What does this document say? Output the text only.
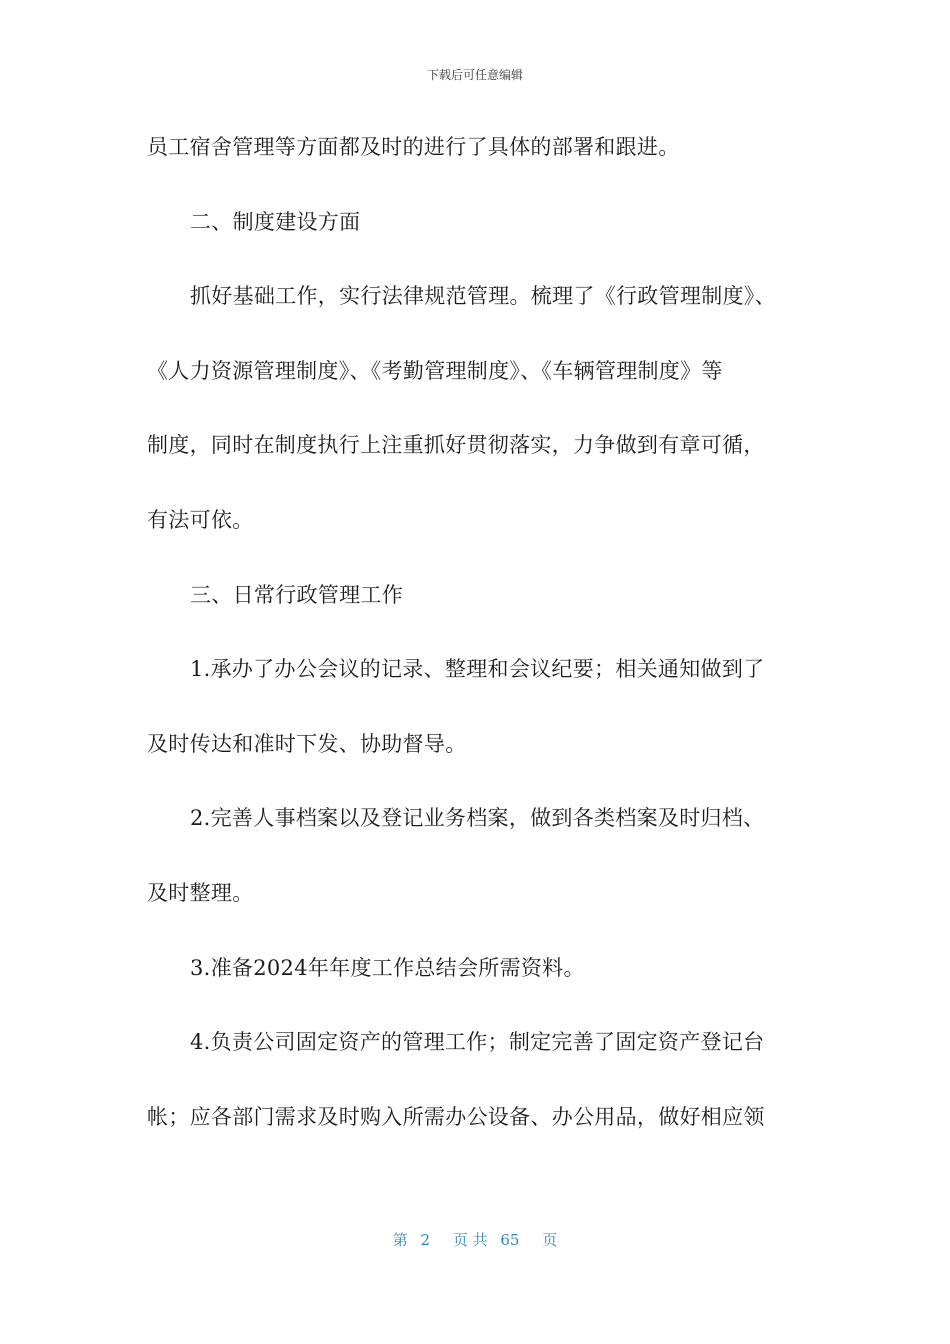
下载后可任意编辑
员工宿舍管理等方面都及时的进行了具体的部署和跟进。
二、制度建设方面
抓好基础工作，实行法律规范管理。梳理了《行政管理制度》、
《人力资源管理制度》、《考勤管理制度》、《车辆管理制度》等
制度，同时在制度执行上注重抓好贯彻落实，力争做到有章可循，
有法可依。
三、日常行政管理工作
1.承办了办公会议的记录、整理和会议纪要；相关通知做到了
及时传达和准时下发、协助督导。
2.完善人事档案以及登记业务档案，做到各类档案及时归档、
及时整理。
3.准备2024年年度工作总结会所需资料。
4.负责公司固定资产的管理工作；制定完善了固定资产登记台
帐；应各部门需求及时购入所需办公设备、办公用品，做好相应领
第 2 页 共 65 页
